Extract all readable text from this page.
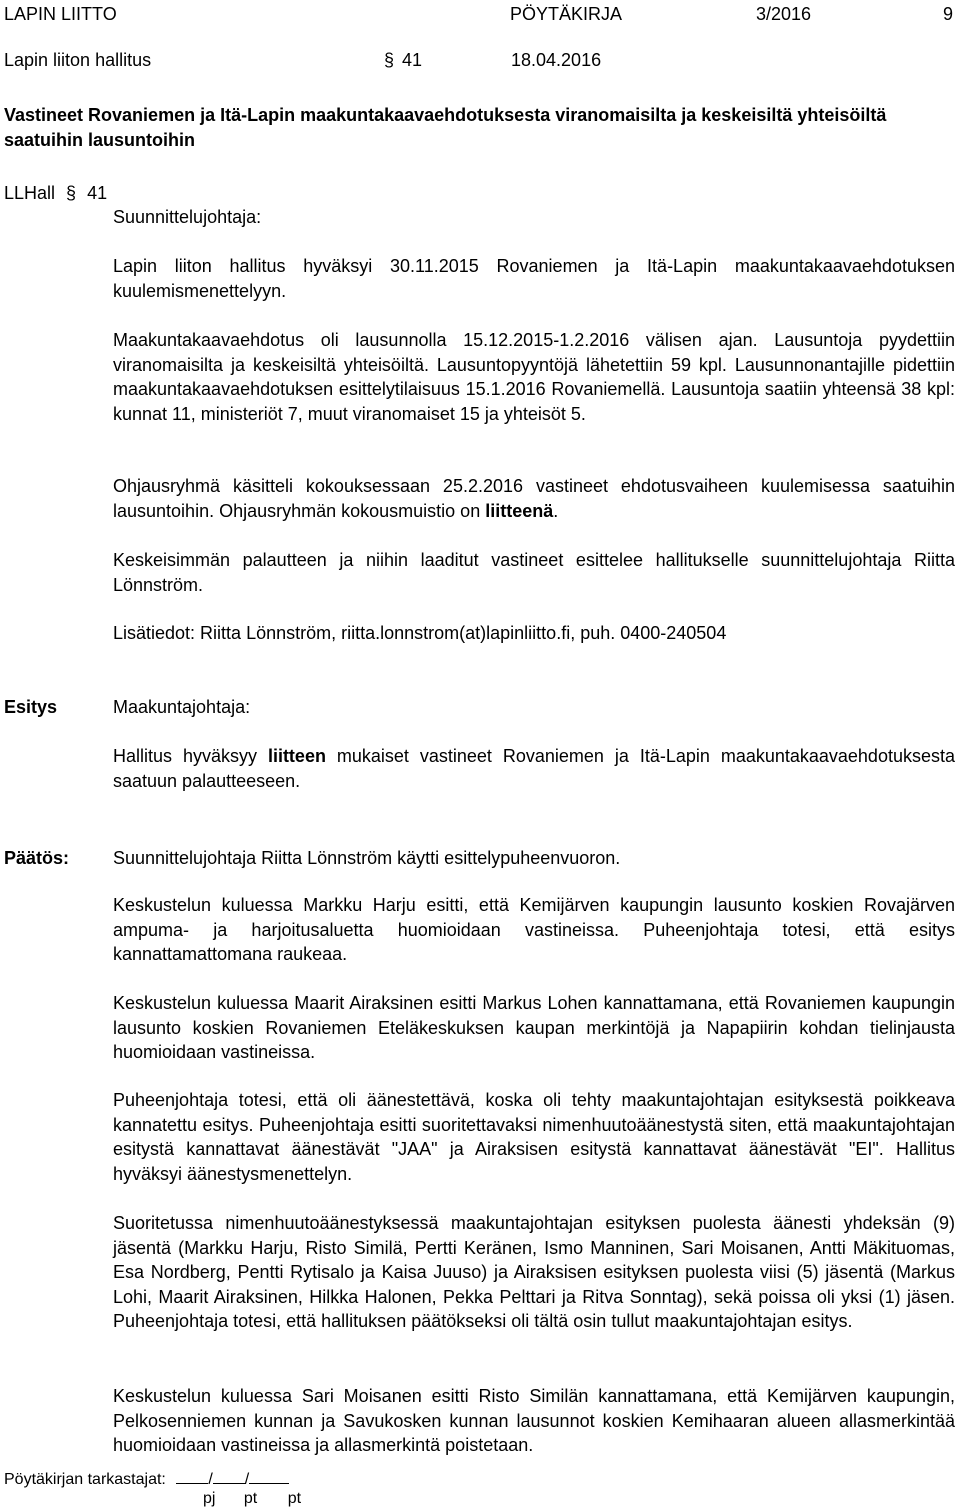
LAPIN LIITTO	PÖYTÄKIRJA	3/2016	9
Lapin liiton hallitus	§ 41	18.04.2016
Vastineet Rovaniemen ja Itä-Lapin maakuntakaavaehdotuksesta viranomaisilta ja keskeisiltä yhteisöiltä saatuihin lausuntoihin
LLHall § 41
Suunnittelujohtaja:
Lapin liiton hallitus hyväksyi 30.11.2015 Rovaniemen ja Itä-Lapin maakuntakaavaehdotuksen kuulemismenettelyyn.
Maakuntakaavaehdotus oli lausunnolla 15.12.2015-1.2.2016 välisen ajan. Lausuntoja pyydettiin viranomaisilta ja keskeisiltä yhteisöiltä. Lausuntopyyntöjä lähetettiin 59 kpl. Lausunnonantajille pidettiin maakuntakaavaehdotuksen esittelytilaisuus 15.1.2016 Rovaniemellä. Lausuntoja saatiin yhteensä 38 kpl: kunnat 11, ministeriöt 7, muut viranomaiset 15 ja yhteisöt 5.
Ohjausryhmä käsitteli kokouksessaan 25.2.2016 vastineet ehdotusvaiheen kuulemisessa saatuihin lausuntoihin. Ohjausryhmän kokousmuistio on liitteenä.
Keskeisimmän palautteen ja niihin laaditut vastineet esittelee hallitukselle suunnittelujohtaja Riitta Lönnström.
Lisätiedot: Riitta Lönnström, riitta.lonnstrom(at)lapinliitto.fi, puh. 0400-240504
Esitys	Maakuntajohtaja:
Hallitus hyväksyy liitteen mukaiset vastineet Rovaniemen ja Itä-Lapin maakuntakaavaehdotuksesta saatuun palautteeseen.
Päätös: Suunnittelujohtaja Riitta Lönnström käytti esittelypuheenvuoron.
Keskustelun kuluessa Markku Harju esitti, että Kemijärven kaupungin lausunto koskien Rovajärven ampuma- ja harjoitusaluetta huomioidaan vastineissa. Puheenjohtaja totesi, että esitys kannattamattomana raukeaa.
Keskustelun kuluessa Maarit Airaksinen esitti Markus Lohen kannattamana, että Rovaniemen kaupungin lausunto koskien Rovaniemen Eteläkeskuksen kaupan merkintöjä ja Napapiirin kohdan tielinjausta huomioidaan vastineissa.
Puheenjohtaja totesi, että oli äänestettävä, koska oli tehty maakuntajohtajan esityksestä poikkeava kannatettu esitys. Puheenjohtaja esitti suoritettavaksi nimenhuutoäänestystä siten, että maakuntajohtajan esitystä kannattavat äänestävät "JAA" ja Airaksisen esitystä kannattavat äänestävät "EI". Hallitus hyväksyi äänestysmenettelyn.
Suoritetussa nimenhuutoäänestyksessä maakuntajohtajan esityksen puolesta äänesti yhdeksän (9) jäsentä (Markku Harju, Risto Similä, Pertti Keränen, Ismo Manninen, Sari Moisanen, Antti Mäkituomas, Esa Nordberg, Pentti Rytisalo ja Kaisa Juuso) ja Airaksisen esityksen puolesta viisi (5) jäsentä (Markus Lohi, Maarit Airaksinen, Hilkka Halonen, Pekka Pelttari ja Ritva Sonntag), sekä poissa oli yksi (1) jäsen. Puheenjohtaja totesi, että hallituksen päätökseksi oli tältä osin tullut maakuntajohtajan esitys.
Keskustelun kuluessa Sari Moisanen esitti Risto Similän kannattamana, että Kemijärven kaupungin, Pelkosenniemen kunnan ja Savukosken kunnan lausunnot koskien Kemihaaran alueen allasmerkintää huomioidaan vastineissa ja allasmerkintä poistetaan.
Pöytäkirjan tarkastajat:	/ /
pj pt pt
